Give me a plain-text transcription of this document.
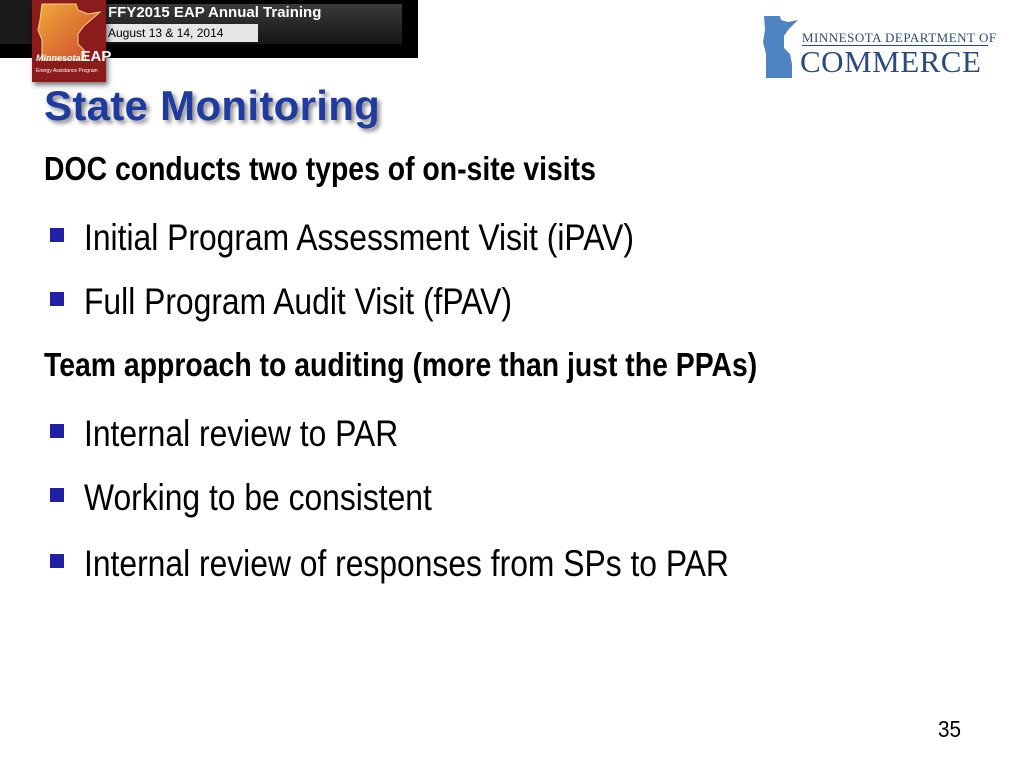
FFY2015 EAP Annual Training
August 13 & 14, 2014
MinnesotaEAP
Energy Assistance Program
MINNESOTA DEPARTMENT OF
COMMERCE
State Monitoring
DOC conducts two types of on-site visits
Initial Program Assessment Visit (iPAV)
Full Program Audit Visit (fPAV)
Team approach to auditing (more than just the PPAs)
Internal review to PAR
Working to be consistent
Internal review of responses from SPs to PAR
35
